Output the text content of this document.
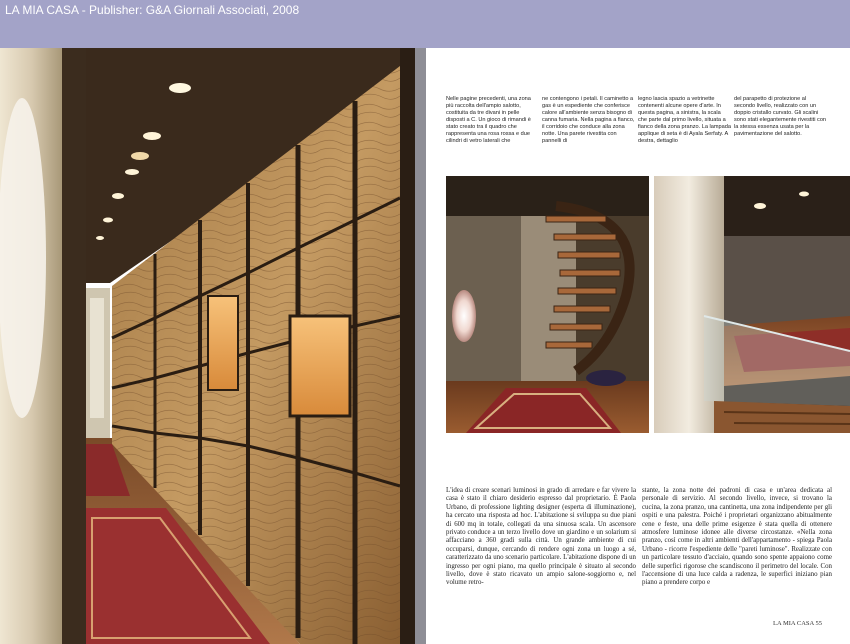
LA MIA CASA - Publisher: G&A Giornali Associati, 2008
Nelle pagine precedenti, una zona più raccolta dell'ampio salotto, costituita da tre divani in pelle disposti a C. Un gioco di rimandi è stato creato tra il quadro che rappresenta una rosa rossa e due cilindri di vetro laterali che
ne contengono i petali. Il caminetto a gas è un espediente che conferisce calore all'ambiente senza bisogno di canna fumaria. Nella pagina a fianco, il corridoio che conduce alla zona notte. Una parete rivestita con pannelli di
legno lascia spazio a vetrinette contenenti alcune opere d'arte. In questa pagina, a sinistra, la scala che parte dal primo livello, situata a fianco della zona pranzo. La lampada applique di seta è di Ayala Serfaty. A destra, dettaglio
del parapetto di protezione al secondo livello, realizzato con un doppio cristallo curvato. Gli scalini sono stati elegantemente rivestiti con la stessa essenza usata per la pavimentazione del salotto.
L'idea di creare scenari luminosi in grado di arredare e far vivere la casa è stato il chiaro desiderio espresso dal proprietario. È Paola Urbano, di professione lighting designer (esperta di illuminazione), ha cercato una risposta ad hoc. L'abitazione si sviluppa su due piani di 600 mq in totale, collegati da una sinuosa scala. Un ascensore privato conduce a un terzo livello dove un giardino e un solarium si affacciano a 360 gradi sulla città. Un grande ambiente di cui occuparsi, dunque, cercando di rendere ogni zona un luogo a sé, caratterizzato da uno scenario particolare. L'abitazione dispone di un ingresso per ogni piano, ma quello principale è situato al secondo livello, dove è stato ricavato un ampio salone-soggiorno e, nel volume retro-
stante, la zona notte dei padroni di casa e un'area dedicata al personale di servizio. Al secondo livello, invece, si trovano la cucina, la zona pranzo, una cantinetta, una zona indipendente per gli ospiti e una palestra. Poiché i proprietari organizzano abitualmente cene e feste, una delle prime esigenze è stata quella di ottenere atmosfere luminose idonee alle diverse circostanze. «Nella zona pranzo, così come in altri ambienti dell'appartamento - spiega Paola Urbano - ricorre l'espediente delle "pareti luminose". Realizzate con un particolare tessuto d'acciaio, quando sono spente appaiono come delle superfici rigorose che scandiscono il perimetro del locale. Con l'accensione di una luce calda a radenza, le superfici iniziano pian piano a prendere corpo e
LA MIA CASA 55
